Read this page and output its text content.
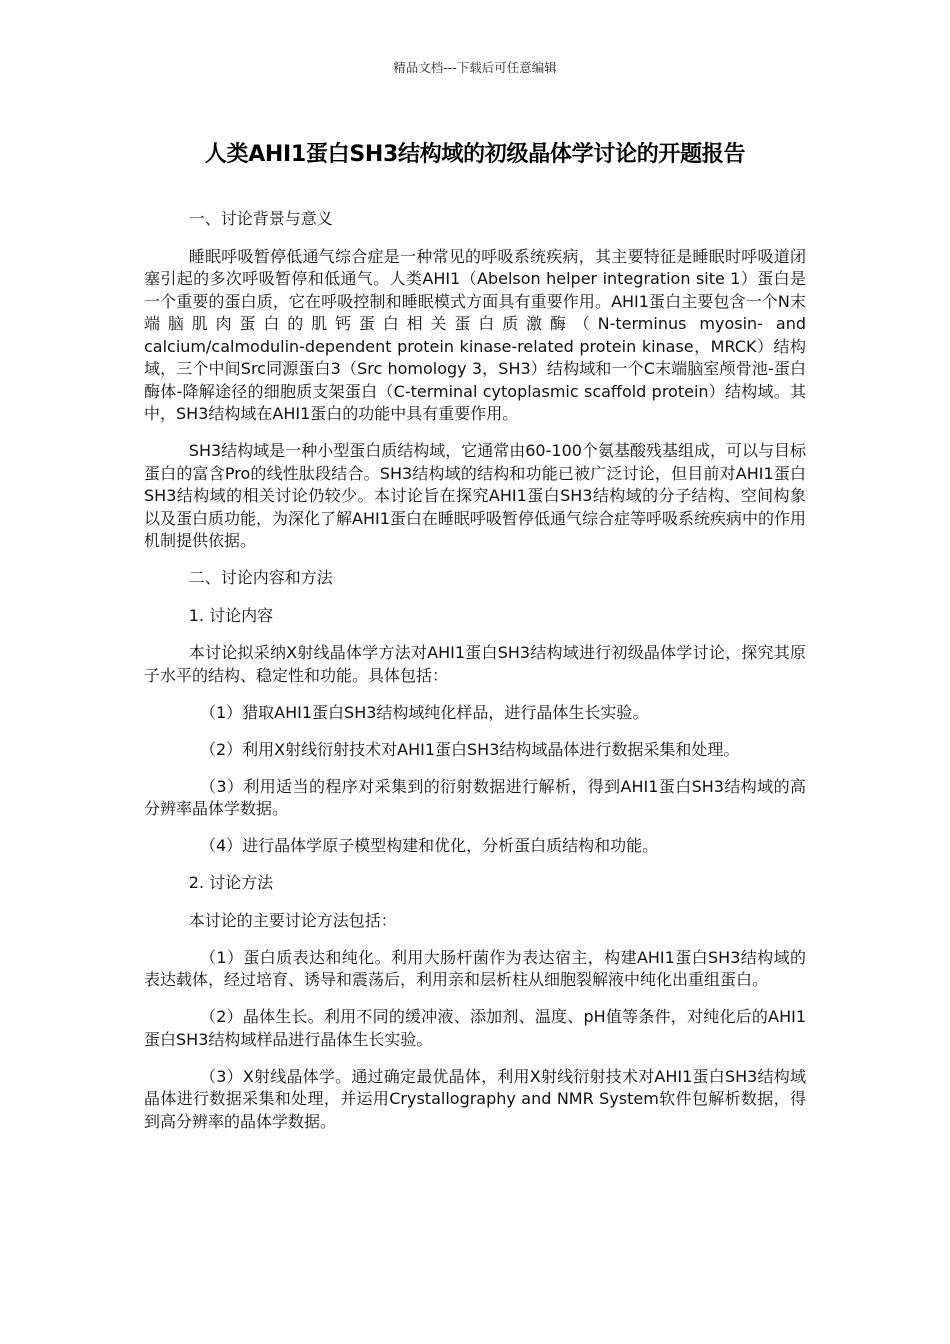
精品文档---下载后可任意编辑
人类AHI1蛋白SH3结构域的初级晶体学讨论的开题报告

一、讨论背景与意义

睡眠呼吸暂停低通气综合症是一种常见的呼吸系统疾病，其主要特征是睡眠时呼吸道闭塞引起的多次呼吸暂停和低通气。人类AHI1（Abelson helper integration site 1）蛋白是一个重要的蛋白质，它在呼吸控制和睡眠模式方面具有重要作用。AHI1蛋白主要包含一个N末端脑肌肉蛋白的肌钙蛋白相关蛋白质激酶（N-terminus myosin- and calcium/calmodulin-dependent protein kinase-related protein kinase，MRCK）结构域，三个中间Src同源蛋白3（Src homology 3，SH3）结构域和一个C末端脑室颅骨池-蛋白酶体-降解途径的细胞质支架蛋白（C-terminal cytoplasmic scaffold protein）结构域。其中，SH3结构域在AHI1蛋白的功能中具有重要作用。

SH3结构域是一种小型蛋白质结构域，它通常由60-100个氨基酸残基组成，可以与目标蛋白的富含Pro的线性肽段结合。SH3结构域的结构和功能已被广泛讨论，但目前对AHI1蛋白SH3结构域的相关讨论仍较少。本讨论旨在探究AHI1蛋白SH3结构域的分子结构、空间构象以及蛋白质功能，为深化了解AHI1蛋白在睡眠呼吸暂停低通气综合症等呼吸系统疾病中的作用机制提供依据。

二、讨论内容和方法

1. 讨论内容

本讨论拟采纳X射线晶体学方法对AHI1蛋白SH3结构域进行初级晶体学讨论，探究其原子水平的结构、稳定性和功能。具体包括：

（1）猎取AHI1蛋白SH3结构域纯化样品，进行晶体生长实验。

（2）利用X射线衍射技术对AHI1蛋白SH3结构域晶体进行数据采集和处理。

（3）利用适当的程序对采集到的衍射数据进行解析，得到AHI1蛋白SH3结构域的高分辨率晶体学数据。

（4）进行晶体学原子模型构建和优化，分析蛋白质结构和功能。

2. 讨论方法

本讨论的主要讨论方法包括：

（1）蛋白质表达和纯化。利用大肠杆菌作为表达宿主，构建AHI1蛋白SH3结构域的表达载体，经过培育、诱导和震荡后，利用亲和层析柱从细胞裂解液中纯化出重组蛋白。

（2）晶体生长。利用不同的缓冲液、添加剂、温度、pH值等条件，对纯化后的AHI1蛋白SH3结构域样品进行晶体生长实验。

（3）X射线晶体学。通过确定最优晶体，利用X射线衍射技术对AHI1蛋白SH3结构域晶体进行数据采集和处理，并运用Crystallography and NMR System软件包解析数据，得到高分辨率的晶体学数据。
